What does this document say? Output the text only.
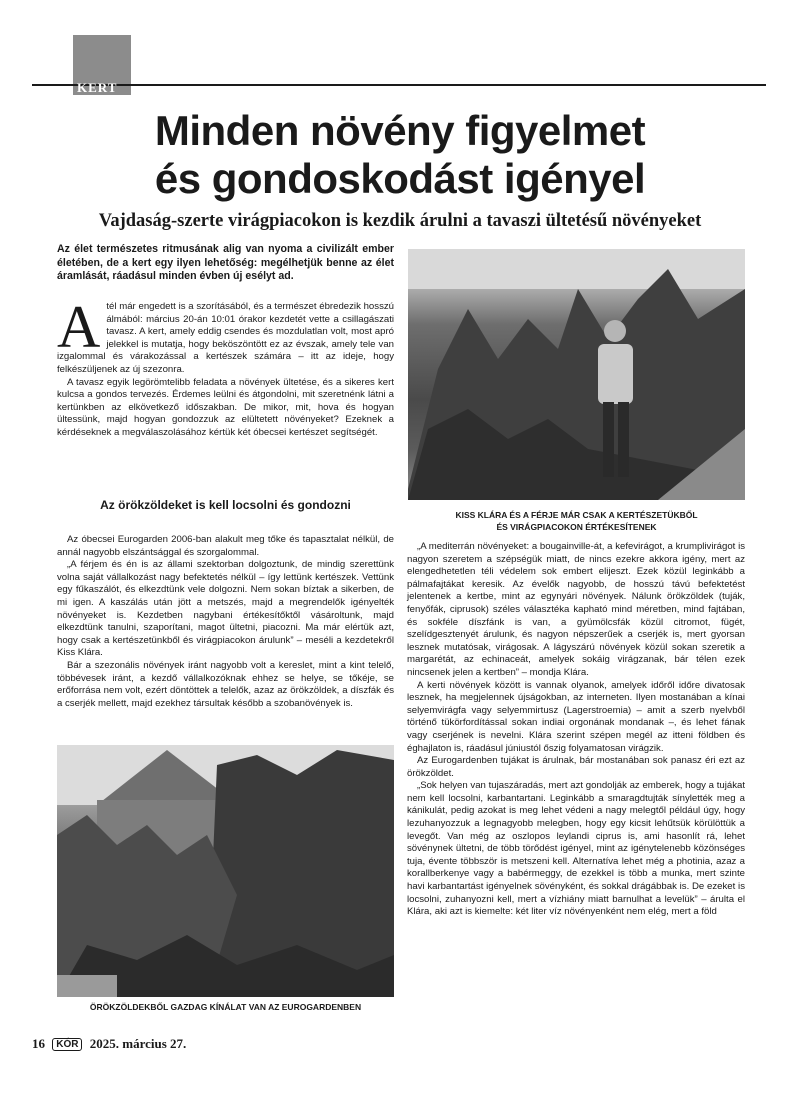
KERT
Minden növény figyelmet
és gondoskodást igényel
Vajdaság-szerte virágpiacokon is kezdik árulni a tavaszi ültetésű növényeket
Az élet természetes ritmusának alig van nyoma a civilizált ember életében, de a kert egy ilyen lehetőség: megélhetjük benne az élet áramlását, ráadásul minden évben új esélyt ad.

Atél már engedett is a szorításából, és a természet ébredezik hosszú álmából: március 20-án 10:01 órakor kezdetét vette a csillagászati tavasz. A kert, amely eddig csendes és mozdulatlan volt, most apró jelekkel is mutatja, hogy beköszöntött ez az évszak, amely tele van izgalommal és várakozással a kertészek számára – itt az ideje, hogy felkészüljenek az új szezonra.

A tavasz egyik legörömtelibb feladata a növények ültetése, és a sikeres kert kulcsa a gondos tervezés. Érdemes leülni és átgondolni, mit szeretnénk látni a kertünkben az elkövetkező időszakban. De mikor, mit, hova és hogyan ültessünk, majd hogyan gondozzuk az elültetett növényeket? Ezeknek a kérdéseknek a megválaszolásához kértük két óbecsei kertészet segítségét.

Az örökzöldeket is kell locsolni és gondozni

Az óbecsei Eurogarden 2006-ban alakult meg tőke és tapasztalat nélkül, de annál nagyobb elszántsággal és szorgalommal.

„A férjem és én is az állami szektorban dolgoztunk, de mindig szerettünk volna saját vállalkozást nagy befektetés nélkül – így lettünk kertészek. Vettünk egy fűkaszálót, és elkezdtünk vele dolgozni. Nem sokan bíztak a sikerben, de mi igen. A kaszálás után jött a metszés, majd a megrendelők igényelték növényeket is. Kezdetben nagybani értékesítőktől vásároltunk, majd elkezdtünk tanulni, szaporítani, magot ültetni, piacozni. Ma már elértük azt, hogy csak a kertészetünkből és virágpiacokon árulunk” – meséli a kezdetekről Kiss Klára.

Bár a szezonális növények iránt nagyobb volt a kereslet, mint a kint telelő, többévesek iránt, a kezdő vállalkozóknak ehhez se helye, se tőkéje, se erőforrása nem volt, ezért döntöttek a telelők, azaz az örökzöldek, a díszfák és a cserjék mellett, majd ezekhez társultak később a szobanövények is.

KISS KLÁRA ÉS A FÉRJE MÁR CSAK A KERTÉSZETÜKBŐL
ÉS VIRÁGPIACOKON ÉRTÉKESÍTENEK

„A mediterrán növényeket: a bougainville-át, a kefevirágot, a krumplivirágot is nagyon szeretem a szépségük miatt, de nincs ezekre akkora igény, mert az elengedhetetlen téli védelem sok embert elijeszt. Ezek közül leginkább a pálmafajtákat keresik. Az évelők nagyobb, de hosszú távú befektetést jelentenek a kertbe, mint az egynyári növények. Nálunk örökzöldek (tuják, fenyőfák, ciprusok) széles választéka kapható mind méretben, mind fajtában, és sokféle díszfánk is van, a gyümölcsfák közül citromot, fügét, szelídgesztenyét árulunk, és nagyon népszerűek a cserjék is, mert gyorsan lesznek mutatósak, virágosak. A lágyszárú növények közül sokan szeretik a margarétát, az echinaceát, amelyek sokáig virágzanak, bár télen ezek nincsenek jelen a kertben” – mondja Klára.

A kerti növények között is vannak olyanok, amelyek időről időre divatosak lesznek, ha megjelennek újságokban, az interneten. Ilyen mostanában a kínai selyemvirágfa vagy selyemmirtusz (Lagerstroemia) – amit a szerb nyelvből történő tükörfordítással sokan indiai orgonának mondanak –, és lehet fának vagy cserjének is nevelni. Klára szerint szépen megél az itteni földben és éghajlaton is, ráadásul júniustól őszig folyamatosan virágzik.

Az Eurogardenben tujákat is árulnak, bár mostanában sok panasz éri ezt az örökzöldet.

„Sok helyen van tujaszáradás, mert azt gondolják az emberek, hogy a tujákat nem kell locsolni, karbantartani. Leginkább a smaragdtujták sínylették meg a kánikulát, pedig azokat is meg lehet védeni a nagy melegtől például úgy, hogy lezuhanyozzuk a legnagyobb melegben, hogy egy kicsit lehűtsük körülöttük a levegőt. Van még az oszlopos leylandi ciprus is, ami hasonlít rá, lehet sövénynek ültetni, de több törődést igényel, mint az igénytelenebb közönséges tuja, évente többször is metszeni kell. Alternatíva lehet még a photinia, azaz a korallberkenye vagy a babérmeggy, de ezekkel is több a munka, mert szinte havi karbantartást igényelnek sövényként, és sokkal drágábbak is. De ezeket is locsolni, zuhanyozni kell, mert a vízhiány miatt barnulhat a levelük” – árulta el Klára, aki azt is kiemelte: két liter víz növényenként nem elég, mert a föld

ÖRÖKZÖLDEKBŐL GAZDAG KÍNÁLAT VAN AZ EUROGARDENBEN
16 KÓR 2025. március 27.
